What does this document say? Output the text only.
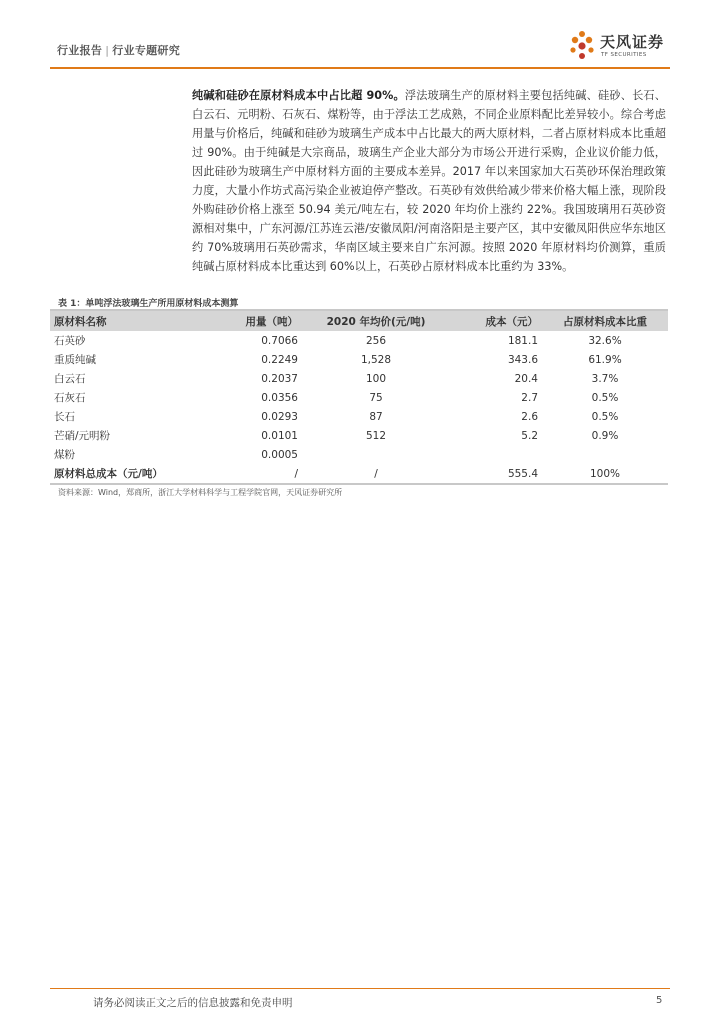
行业报告 | 行业专题研究	天风证券
TF SECURITIES
纯碱和硅砂在原材料成本中占比超 90%。浮法玻璃生产的原材料主要包括纯碱、硅砂、长石、白云石、元明粉、石灰石、煤粉等，由于浮法工艺成熟，不同企业原料配比差异较小。综合考虑用量与价格后，纯碱和硅砂为玻璃生产成本中占比最大的两大原材料，二者占原材料成本比重超过 90%。由于纯碱是大宗商品，玻璃生产企业大部分为市场公开进行采购，企业议价能力低，因此硅砂为玻璃生产中原材料方面的主要成本差异。2017 年以来国家加大石英砂环保治理政策力度，大量小作坊式高污染企业被迫停产整改。石英砂有效供给减少带来价格大幅上涨，现阶段外购硅砂价格上涨至 50.94 美元/吨左右，较 2020 年均价上涨约 22%。我国玻璃用石英砂资源相对集中，广东河源/江苏连云港/安徽凤阳/河南洛阳是主要产区，其中安徽凤阳供应华东地区约 70%玻璃用石英砂需求，华南区域主要来自广东河源。按照 2020 年原材料均价测算，重质纯碱占原材料成本比重达到 60%以上，石英砂占原材料成本比重约为 33%。
表 1：单吨浮法玻璃生产所用原材料成本测算
原材料名称	用量（吨）	2020 年均价(元/吨)	成本（元）	占原材料成本比重
石英砂	0.7066	256	181.1	32.6%
重质纯碱	0.2249	1,528	343.6	61.9%
白云石	0.2037	100	20.4	3.7%
石灰石	0.0356	75	2.7	0.5%
长石	0.0293	87	2.6	0.5%
芒硝/元明粉	0.0101	512	5.2	0.9%
煤粉	0.0005			
原材料总成本（元/吨）	/	/	555.4	100%
资料来源：Wind，郑商所，浙江大学材料科学与工程学院官网，天风证券研究所
请务必阅读正文之后的信息披露和免责申明	5
